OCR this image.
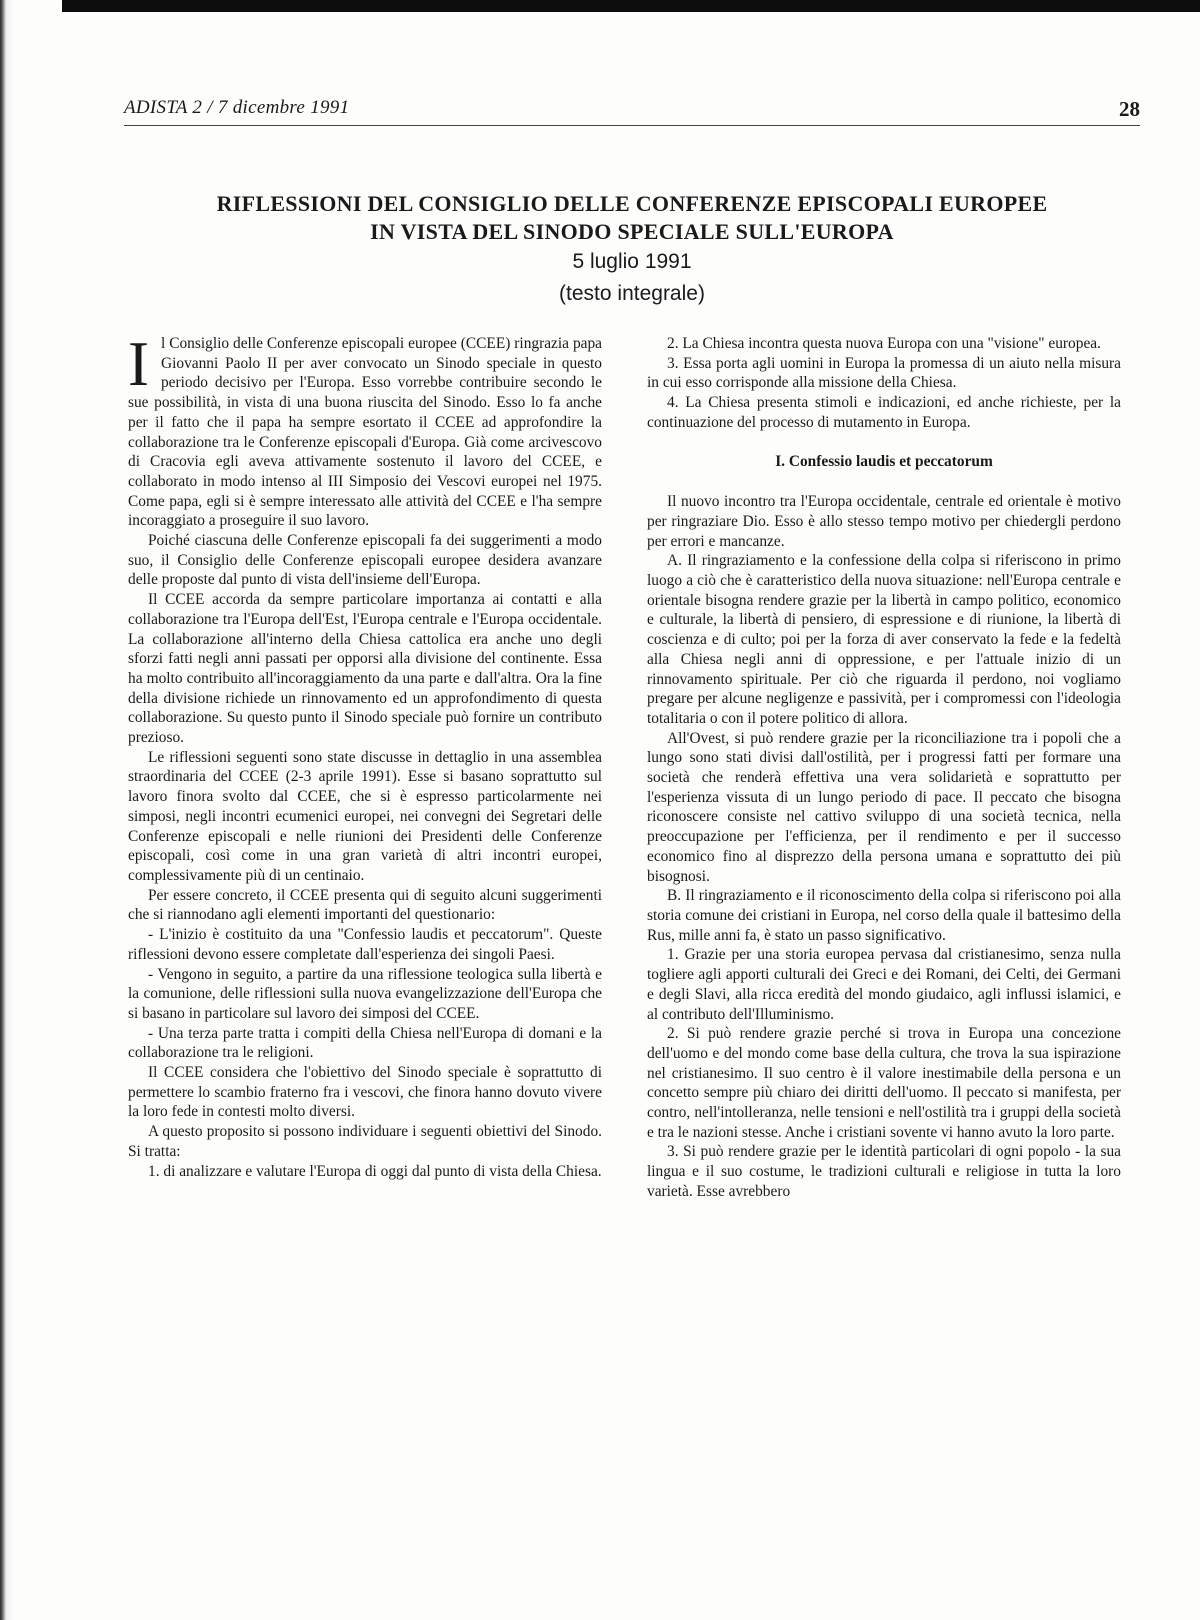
ADISTA 2 / 7 dicembre 1991	28
RIFLESSIONI DEL CONSIGLIO DELLE CONFERENZE EPISCOPALI EUROPEE
IN VISTA DEL SINODO SPECIALE SULL'EUROPA
5 luglio 1991
(testo integrale)

Il Consiglio delle Conferenze episcopali europee (CCEE) ringrazia papa Giovanni Paolo II per aver convocato un Sinodo speciale in questo periodo decisivo per l'Europa. Esso vorrebbe contribuire secondo le sue possibilità, in vista di una buona riuscita del Sinodo. Esso lo fa anche per il fatto che il papa ha sempre esortato il CCEE ad approfondire la collaborazione tra le Conferenze episcopali d'Europa. Già come arcivescovo di Cracovia egli aveva attivamente sostenuto il lavoro del CCEE, e collaborato in modo intenso al III Simposio dei Vescovi europei nel 1975. Come papa, egli si è sempre interessato alle attività del CCEE e l'ha sempre incoraggiato a proseguire il suo lavoro.

Poiché ciascuna delle Conferenze episcopali fa dei suggerimenti a modo suo, il Consiglio delle Conferenze episcopali europee desidera avanzare delle proposte dal punto di vista dell'insieme dell'Europa.

Il CCEE accorda da sempre particolare importanza ai contatti e alla collaborazione tra l'Europa dell'Est, l'Europa centrale e l'Europa occidentale. La collaborazione all'interno della Chiesa cattolica era anche uno degli sforzi fatti negli anni passati per opporsi alla divisione del continente. Essa ha molto contribuito all'incoraggiamento da una parte e dall'altra. Ora la fine della divisione richiede un rinnovamento ed un approfondimento di questa collaborazione. Su questo punto il Sinodo speciale può fornire un contributo prezioso.

Le riflessioni seguenti sono state discusse in dettaglio in una assemblea straordinaria del CCEE (2-3 aprile 1991). Esse si basano soprattutto sul lavoro finora svolto dal CCEE, che si è espresso particolarmente nei simposi, negli incontri ecumenici europei, nei convegni dei Segretari delle Conferenze episcopali e nelle riunioni dei Presidenti delle Conferenze episcopali, così come in una gran varietà di altri incontri europei, complessivamente più di un centinaio.

Per essere concreto, il CCEE presenta qui di seguito alcuni suggerimenti che si riannodano agli elementi importanti del questionario:

- L'inizio è costituito da una "Confessio laudis et peccatorum". Queste riflessioni devono essere completate dall'esperienza dei singoli Paesi.

- Vengono in seguito, a partire da una riflessione teologica sulla libertà e la comunione, delle riflessioni sulla nuova evangelizzazione dell'Europa che si basano in particolare sul lavoro dei simposi del CCEE.

- Una terza parte tratta i compiti della Chiesa nell'Europa di domani e la collaborazione tra le religioni.

Il CCEE considera che l'obiettivo del Sinodo speciale è soprattutto di permettere lo scambio fraterno fra i vescovi, che finora hanno dovuto vivere la loro fede in contesti molto diversi.

A questo proposito si possono individuare i seguenti obiettivi del Sinodo. Si tratta:

1. di analizzare e valutare l'Europa di oggi dal punto di vista della Chiesa.

2. La Chiesa incontra questa nuova Europa con una "visione" europea.

3. Essa porta agli uomini in Europa la promessa di un aiuto nella misura in cui esso corrisponde alla missione della Chiesa.

4. La Chiesa presenta stimoli e indicazioni, ed anche richieste, per la continuazione del processo di mutamento in Europa.

I. Confessio laudis et peccatorum

Il nuovo incontro tra l'Europa occidentale, centrale ed orientale è motivo per ringraziare Dio. Esso è allo stesso tempo motivo per chiedergli perdono per errori e mancanze.

A. Il ringraziamento e la confessione della colpa si riferiscono in primo luogo a ciò che è caratteristico della nuova situazione: nell'Europa centrale e orientale bisogna rendere grazie per la libertà in campo politico, economico e culturale, la libertà di pensiero, di espressione e di riunione, la libertà di coscienza e di culto; poi per la forza di aver conservato la fede e la fedeltà alla Chiesa negli anni di oppressione, e per l'attuale inizio di un rinnovamento spirituale. Per ciò che riguarda il perdono, noi vogliamo pregare per alcune negligenze e passività, per i compromessi con l'ideologia totalitaria o con il potere politico di allora.

All'Ovest, si può rendere grazie per la riconciliazione tra i popoli che a lungo sono stati divisi dall'ostilità, per i progressi fatti per formare una società che renderà effettiva una vera solidarietà e soprattutto per l'esperienza vissuta di un lungo periodo di pace. Il peccato che bisogna riconoscere consiste nel cattivo sviluppo di una società tecnica, nella preoccupazione per l'efficienza, per il rendimento e per il successo economico fino al disprezzo della persona umana e soprattutto dei più bisognosi.

B. Il ringraziamento e il riconoscimento della colpa si riferiscono poi alla storia comune dei cristiani in Europa, nel corso della quale il battesimo della Rus, mille anni fa, è stato un passo significativo.

1. Grazie per una storia europea pervasa dal cristianesimo, senza nulla togliere agli apporti culturali dei Greci e dei Romani, dei Celti, dei Germani e degli Slavi, alla ricca eredità del mondo giudaico, agli influssi islamici, e al contributo dell'Illuminismo.

2. Si può rendere grazie perché si trova in Europa una concezione dell'uomo e del mondo come base della cultura, che trova la sua ispirazione nel cristianesimo. Il suo centro è il valore inestimabile della persona e un concetto sempre più chiaro dei diritti dell'uomo. Il peccato si manifesta, per contro, nell'intolleranza, nelle tensioni e nell'ostilità tra i gruppi della società e tra le nazioni stesse. Anche i cristiani sovente vi hanno avuto la loro parte.

3. Si può rendere grazie per le identità particolari di ogni popolo - la sua lingua e il suo costume, le tradizioni culturali e religiose in tutta la loro varietà. Esse avrebbero
